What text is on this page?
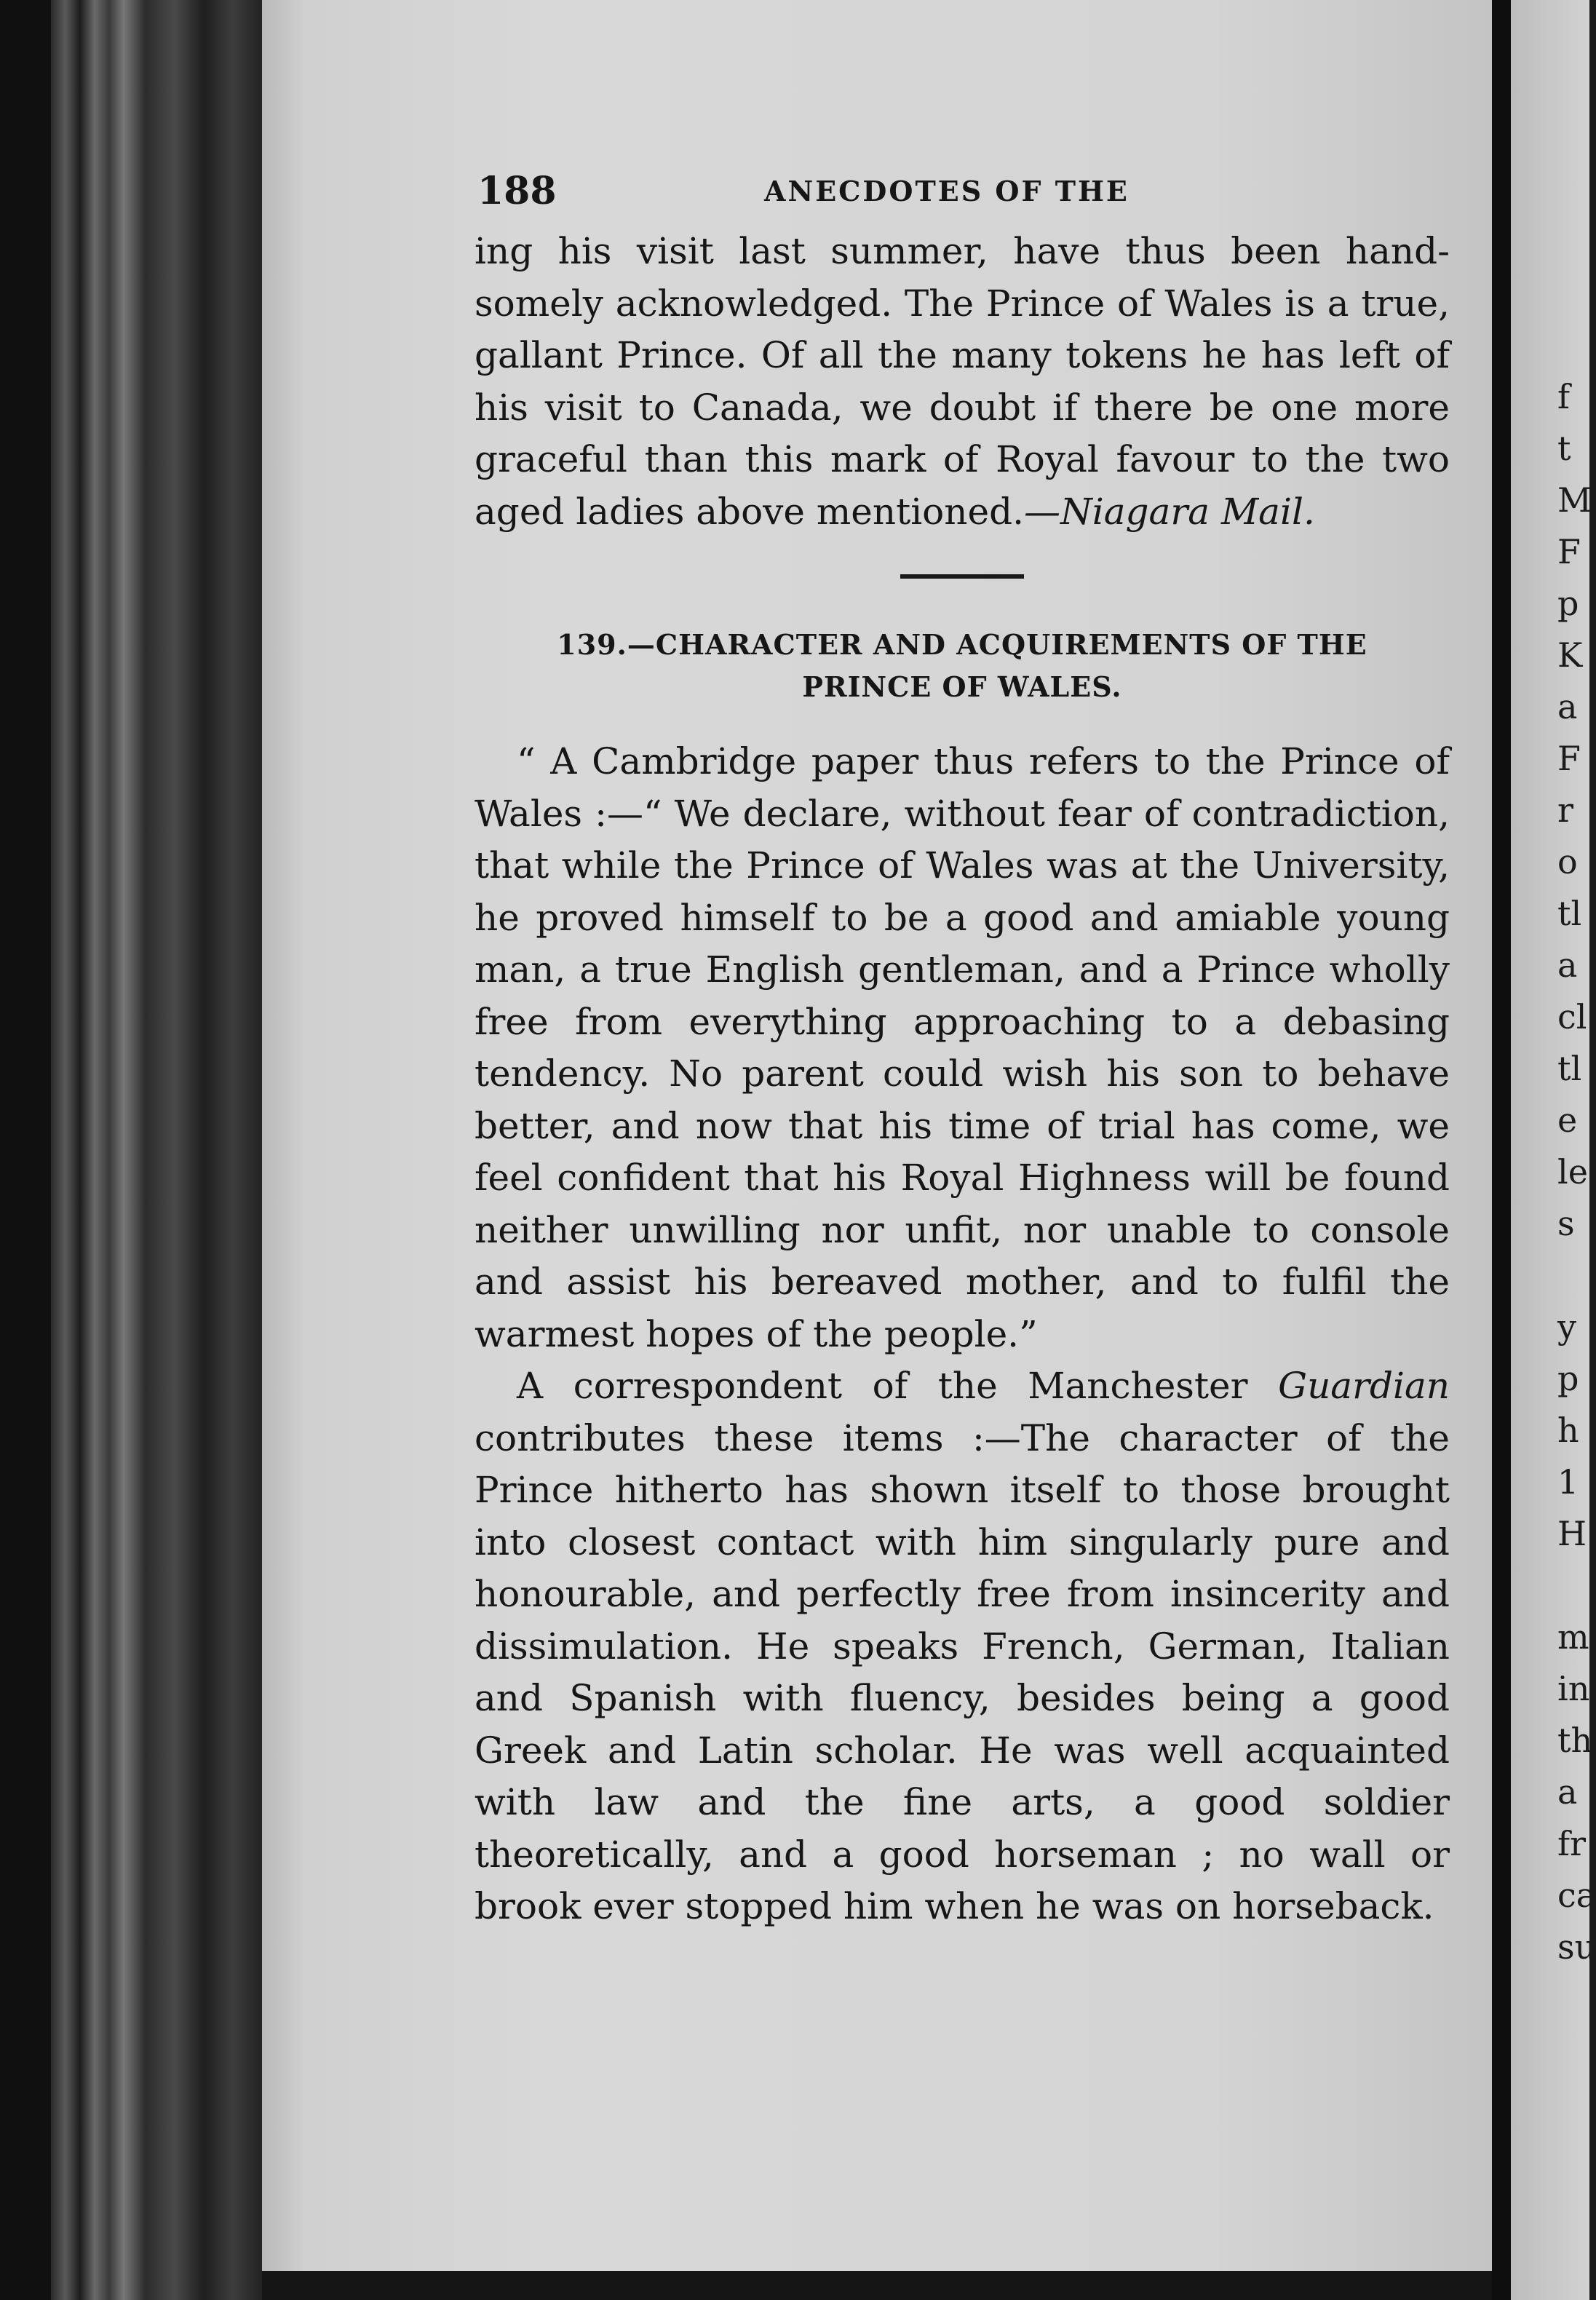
188	ANECDOTES OF THE

ing his visit last summer, have thus been hand-somely acknowledged. The Prince of Wales is a true, gallant Prince. Of all the many tokens he has left of his visit to Canada, we doubt if there be one more graceful than this mark of Royal favour to the two aged ladies above mentioned.—Niagara Mail.

139.—CHARACTER AND ACQUIREMENTS OF THE
PRINCE OF WALES.

“ A Cambridge paper thus refers to the Prince of Wales :—“ We declare, without fear of contradiction, that while the Prince of Wales was at the University, he proved himself to be a good and amiable young man, a true English gentleman, and a Prince wholly free from everything approaching to a debasing tendency. No parent could wish his son to behave better, and now that his time of trial has come, we feel confident that his Royal Highness will be found neither unwilling nor unfit, nor unable to console and assist his bereaved mother, and to fulfil the warmest hopes of the people.”

A correspondent of the Manchester Guardian contributes these items :—The character of the Prince hitherto has shown itself to those brought into closest contact with him singularly pure and honourable, and perfectly free from insincerity and dissimulation. He speaks French, German, Italian and Spanish with fluency, besides being a good Greek and Latin scholar. He was well acquainted with law and the fine arts, a good soldier theoretically, and a good horseman ; no wall or brook ever stopped him when he was on horseback.

f
t
M
F
p
K
a
F
r
o
tl
a
cl
tl
e
le
s

y
p
h
1
H

m
in
th
a
fr
ca
su
